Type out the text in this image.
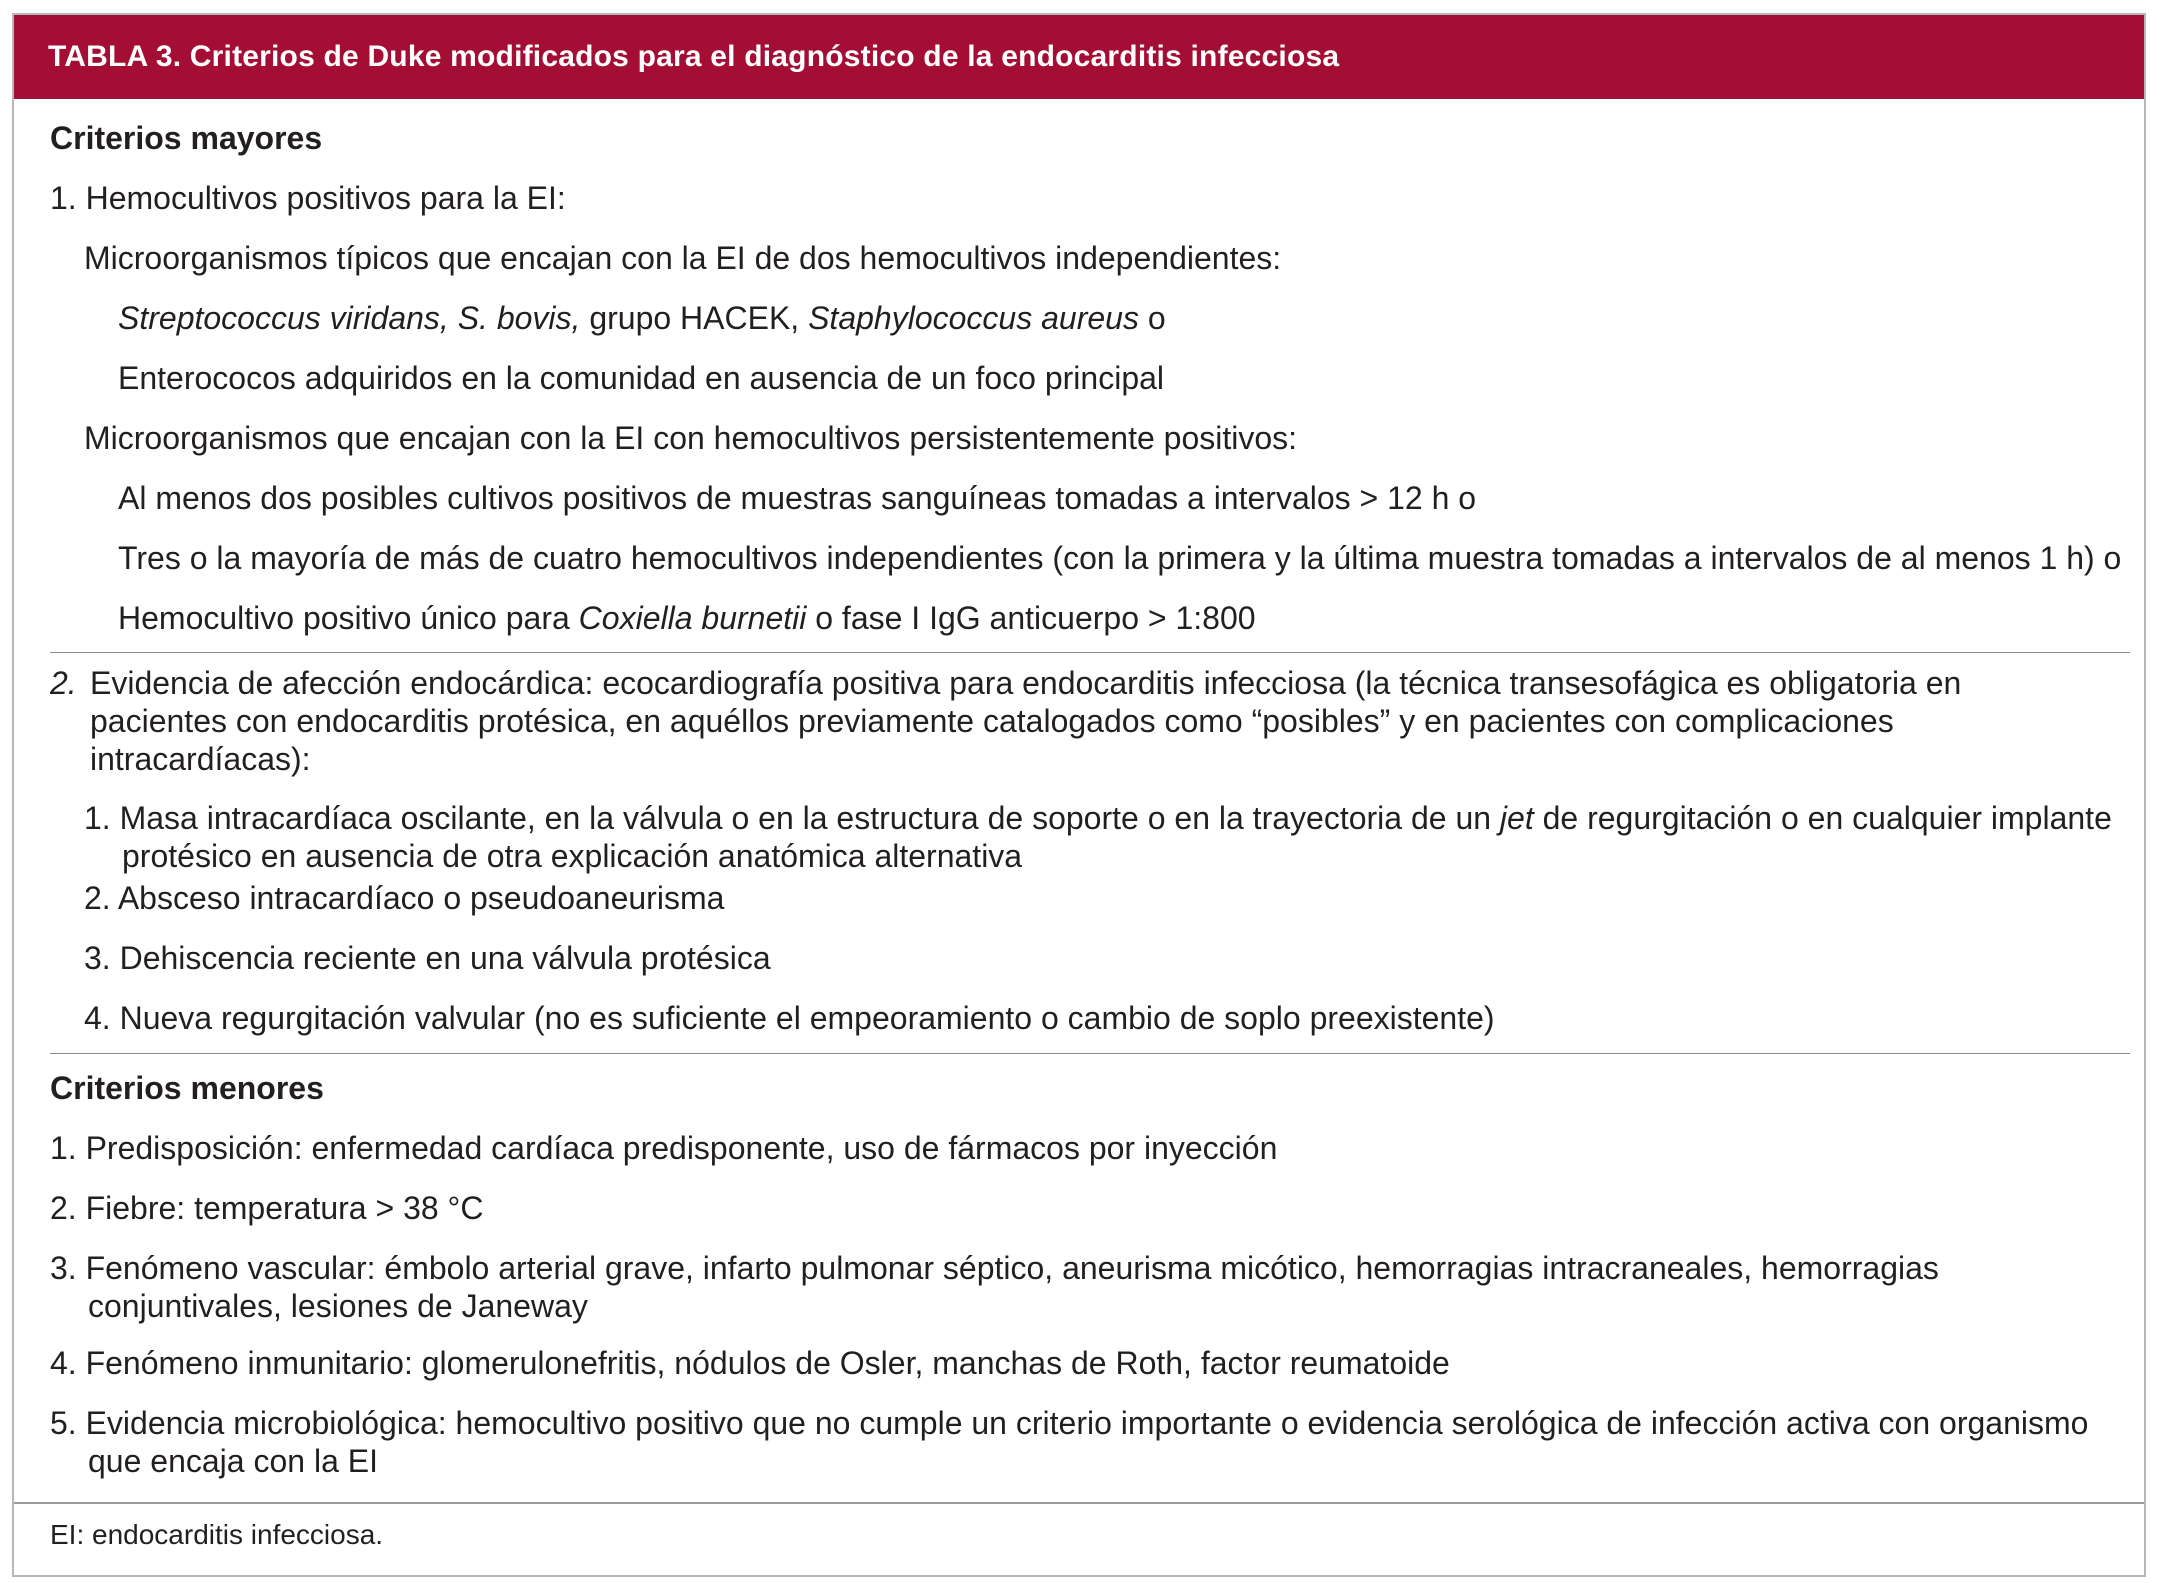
TABLA 3. Criterios de Duke modificados para el diagnóstico de la endocarditis infecciosa
Criterios mayores
1. Hemocultivos positivos para la EI:
Microorganismos típicos que encajan con la EI de dos hemocultivos independientes:
Streptococcus viridans, S. bovis, grupo HACEK, Staphylococcus aureus o
Enterococos adquiridos en la comunidad en ausencia de un foco principal
Microorganismos que encajan con la EI con hemocultivos persistentemente positivos:
Al menos dos posibles cultivos positivos de muestras sanguíneas tomadas a intervalos > 12 h o
Tres o la mayoría de más de cuatro hemocultivos independientes (con la primera y la última muestra tomadas a intervalos de al menos 1 h) o
Hemocultivo positivo único para Coxiella burnetii o fase I IgG anticuerpo > 1:800
2. Evidencia de afección endocárdica: ecocardiografía positiva para endocarditis infecciosa (la técnica transesofágica es obligatoria en pacientes con endocarditis protésica, en aquéllos previamente catalogados como “posibles” y en pacientes con complicaciones intracardíacas):
1. Masa intracardíaca oscilante, en la válvula o en la estructura de soporte o en la trayectoria de un jet de regurgitación o en cualquier implante protésico en ausencia de otra explicación anatómica alternativa
2. Absceso intracardíaco o pseudoaneurisma
3. Dehiscencia reciente en una válvula protésica
4. Nueva regurgitación valvular (no es suficiente el empeoramiento o cambio de soplo preexistente)
Criterios menores
1. Predisposición: enfermedad cardíaca predisponente, uso de fármacos por inyección
2. Fiebre: temperatura > 38 °C
3. Fenómeno vascular: émbolo arterial grave, infarto pulmonar séptico, aneurisma micótico, hemorragias intracraneales, hemorragias conjuntivales, lesiones de Janeway
4. Fenómeno inmunitario: glomerulonefritis, nódulos de Osler, manchas de Roth, factor reumatoide
5. Evidencia microbiológica: hemocultivo positivo que no cumple un criterio importante o evidencia serológica de infección activa con organismo que encaja con la EI
EI: endocarditis infecciosa.
